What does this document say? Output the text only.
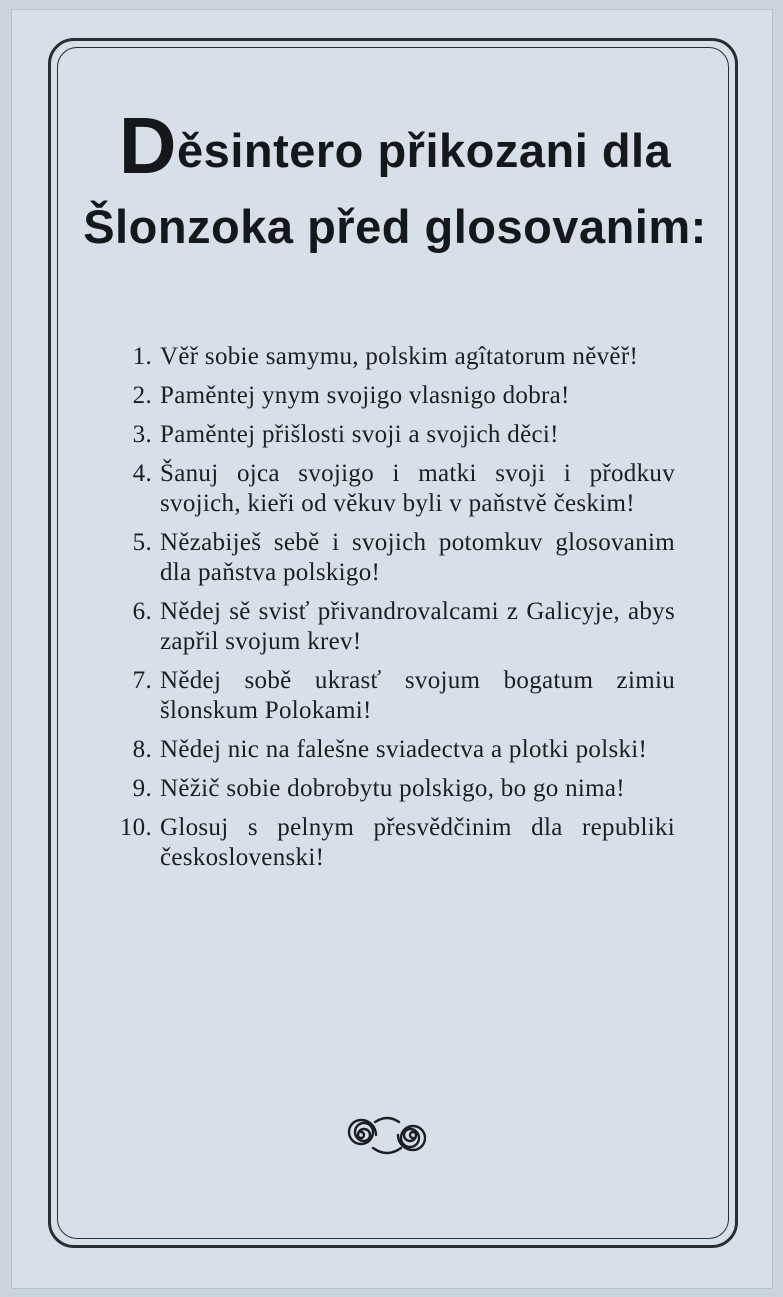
Děsintero přikozani dla
Šlonzoka před glosovanim:
1. Věř sobie samymu, polskim agîtatorum něvěř!
2. Paměntej ynym svojigo vlasnigo dobra!
3. Paměntej přišlosti svoji a svojich děci!
4. Šanuj ojca svojigo i matki svoji i přodkuv svojich, kieři od věkuv byli v paňstvě českim!
5. Nězabiješ sebě i svojich potomkuv glosovanim dla paňstva polskigo!
6. Nědej sě svisť přivandrovalcami z Galicyje, abys zapřil svojum krev!
7. Nědej sobě ukrasť svojum bogatum zimiu šlonskum Polokami!
8. Nědej nic na falešne sviadectva a plotki polski!
9. Něžič sobie dobrobytu polskigo, bo go nima!
10. Glosuj s pelnym přesvědčinim dla republiki československi!
